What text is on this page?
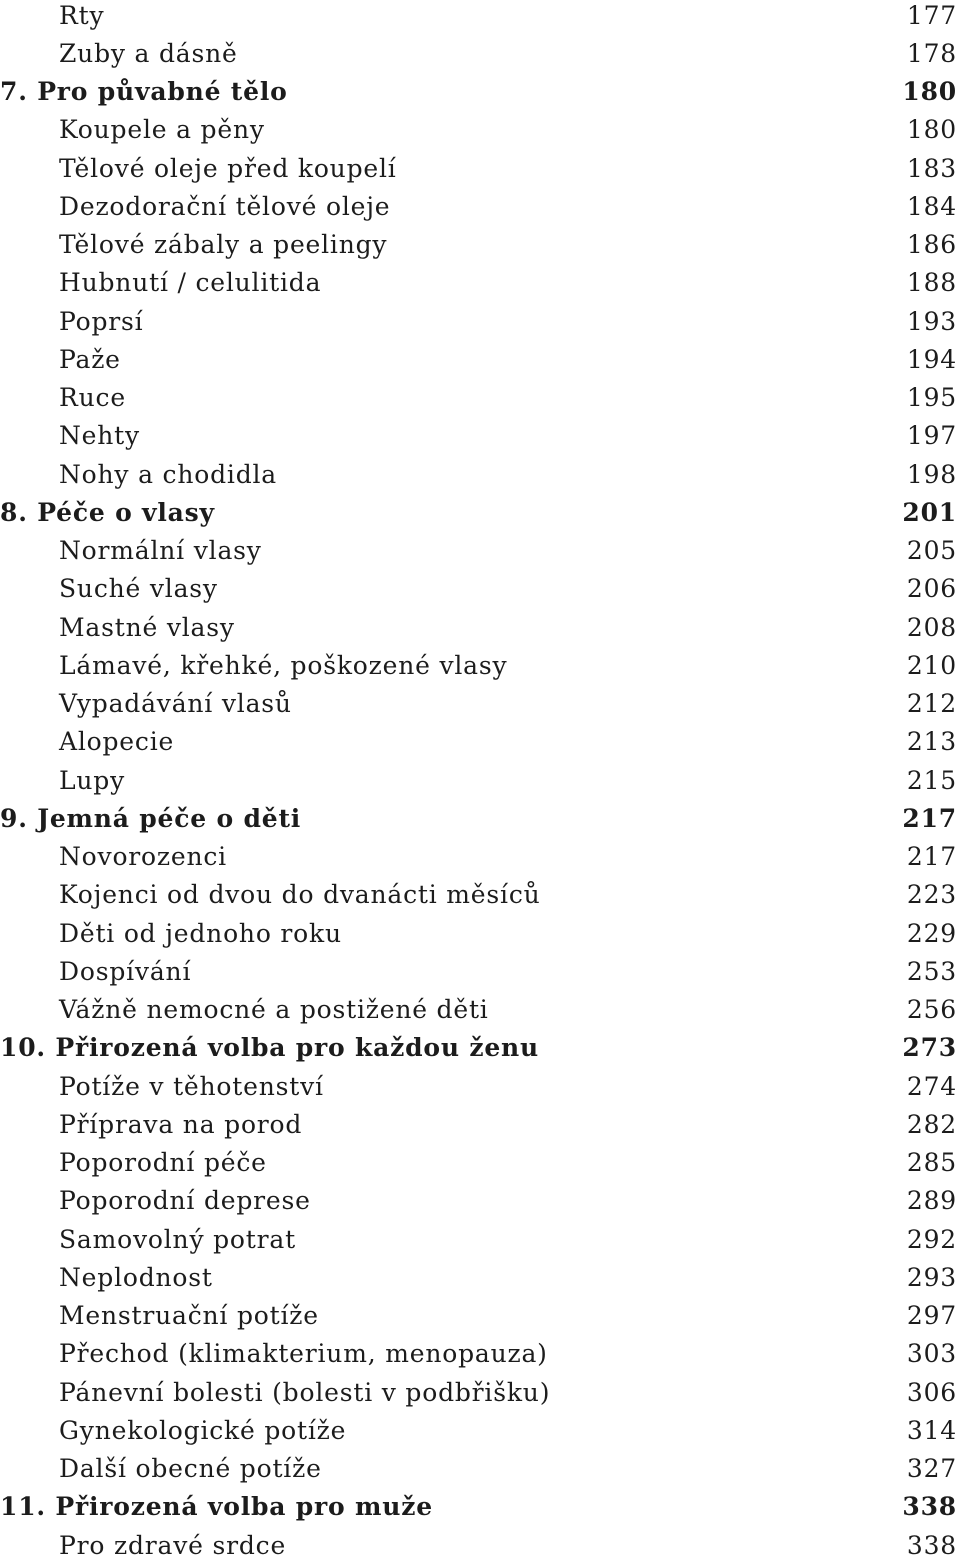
Rty	177
Zuby a dásně	178
7. Pro půvabné tělo	180
Koupele a pěny	180
Tělové oleje před koupelí	183
Dezodorační tělové oleje	184
Tělové zábaly a peelingy	186
Hubnutí / celulitida	188
Poprsí	193
Paže	194
Ruce	195
Nehty	197
Nohy a chodidla	198
8. Péče o vlasy	201
Normální vlasy	205
Suché vlasy	206
Mastné vlasy	208
Lámavé, křehké, poškozené vlasy	210
Vypadávání vlasů	212
Alopecie	213
Lupy	215
9. Jemná péče o děti	217
Novorozenci	217
Kojenci od dvou do dvanácti měsíců	223
Děti od jednoho roku	229
Dospívání	253
Vážně nemocné a postižené děti	256
10. Přirozená volba pro každou ženu	273
Potíže v těhotenství	274
Příprava na porod	282
Poporodní péče	285
Poporodní deprese	289
Samovolný potrat	292
Neplodnost	293
Menstruační potíže	297
Přechod (klimakterium, menopauza)	303
Pánevní bolesti (bolesti v podbřišku)	306
Gynekologické potíže	314
Další obecné potíže	327
11. Přirozená volba pro muže	338
Pro zdravé srdce	338
